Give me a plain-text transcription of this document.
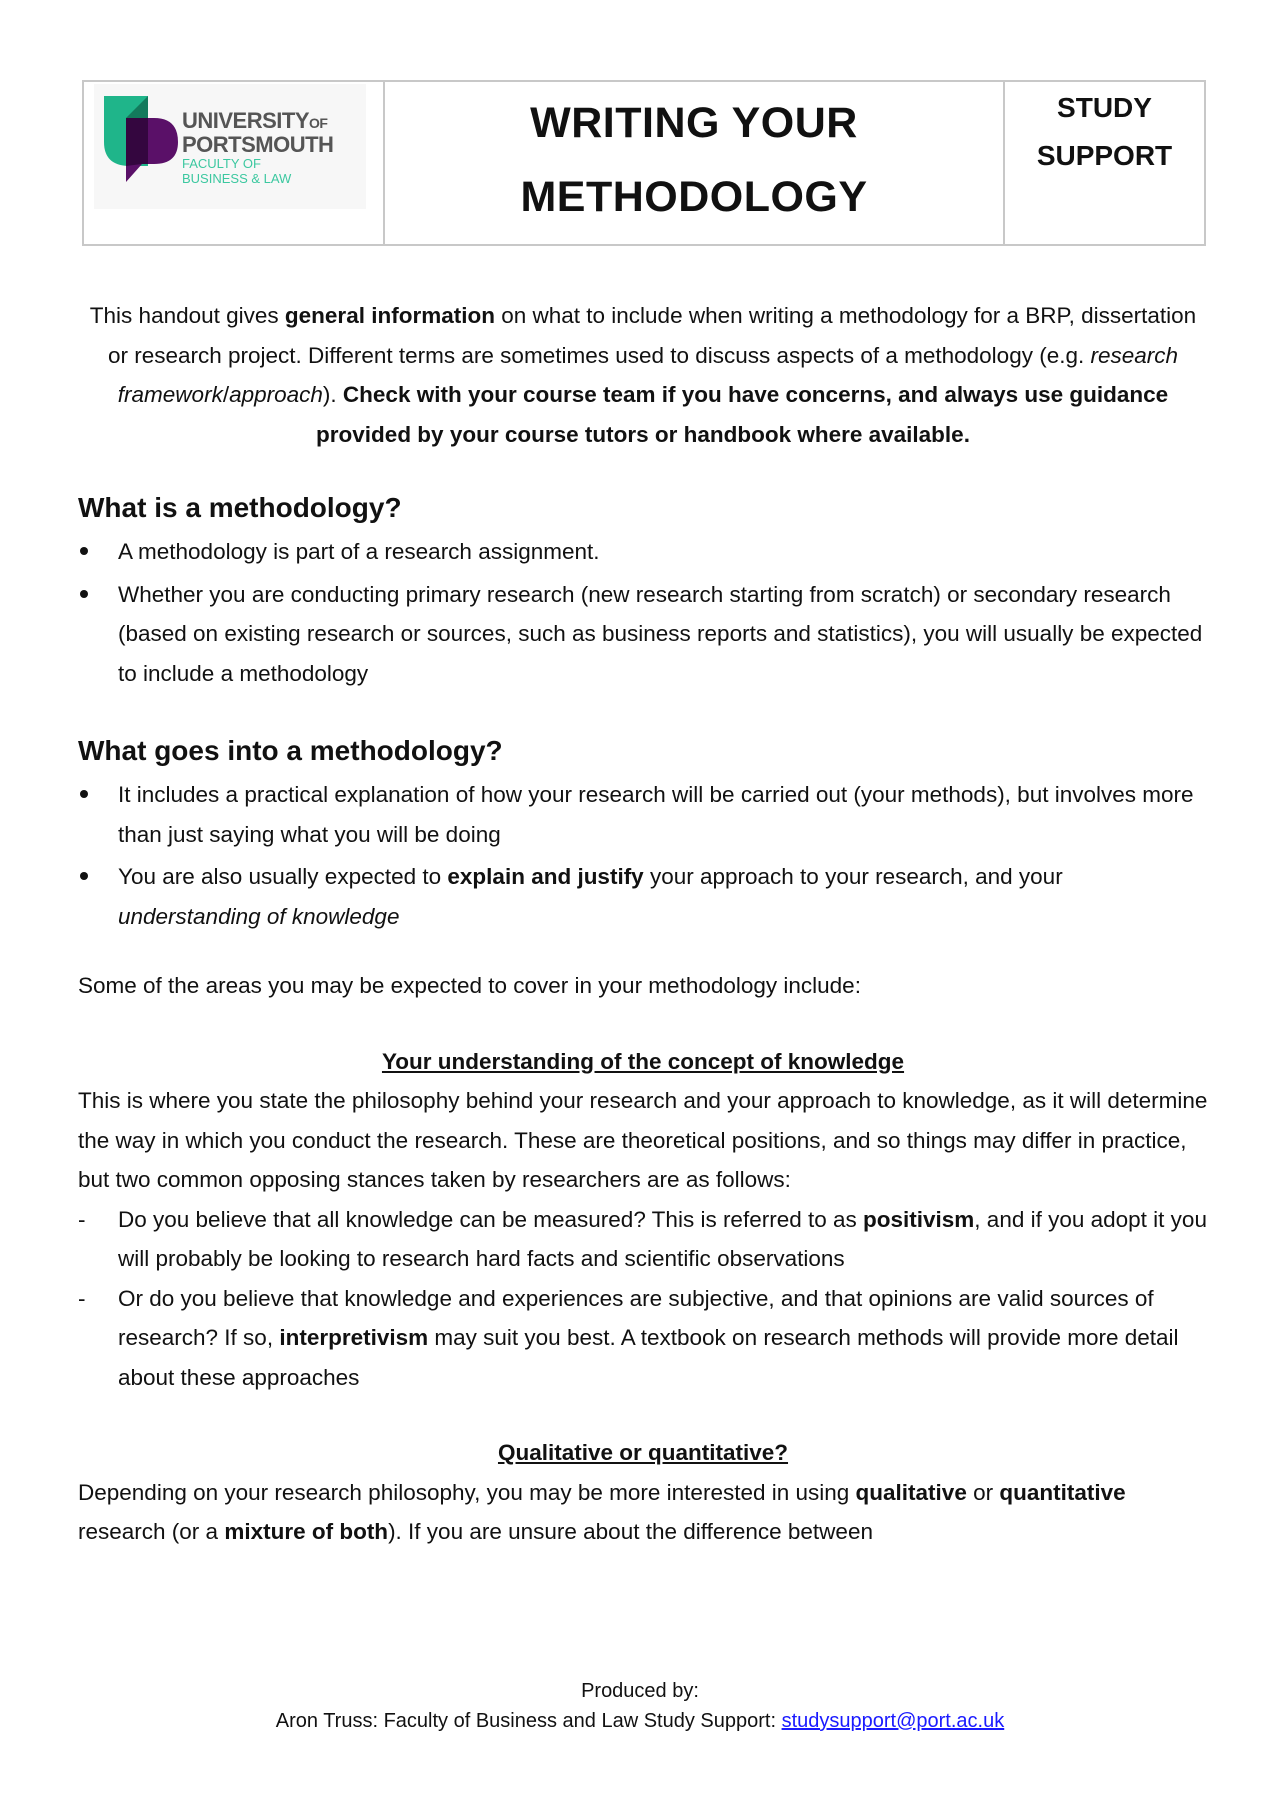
UNIVERSITYOF
PORTSMOUTH
FACULTY OF
BUSINESS & LAW
WRITING YOUR
METHODOLOGY
STUDY
SUPPORT

This handout gives general information on what to include when writing a methodology for a BRP, dissertation or research project. Different terms are sometimes used to discuss aspects of a methodology (e.g. research framework/approach). Check with your course team if you have concerns, and always use guidance provided by your course tutors or handbook where available.

What is a methodology?
A methodology is part of a research assignment.
Whether you are conducting primary research (new research starting from scratch) or secondary research (based on existing research or sources, such as business reports and statistics), you will usually be expected to include a methodology
What goes into a methodology?
It includes a practical explanation of how your research will be carried out (your methods), but involves more than just saying what you will be doing
You are also usually expected to explain and justify your approach to your research, and your understanding of knowledge

Some of the areas you may be expected to cover in your methodology include:

Your understanding of the concept of knowledge

This is where you state the philosophy behind your research and your approach to knowledge, as it will determine the way in which you conduct the research. These are theoretical positions, and so things may differ in practice, but two common opposing stances taken by researchers are as follows:

- Do you believe that all knowledge can be measured? This is referred to as positivism, and if you adopt it you will probably be looking to research hard facts and scientific observations
- Or do you believe that knowledge and experiences are subjective, and that opinions are valid sources of research? If so, interpretivism may suit you best. A textbook on research methods will provide more detail about these approaches

Qualitative or quantitative?

Depending on your research philosophy, you may be more interested in using qualitative or quantitative research (or a mixture of both). If you are unsure about the difference between

Produced by:
Aron Truss: Faculty of Business and Law Study Support: studysupport@port.ac.uk
